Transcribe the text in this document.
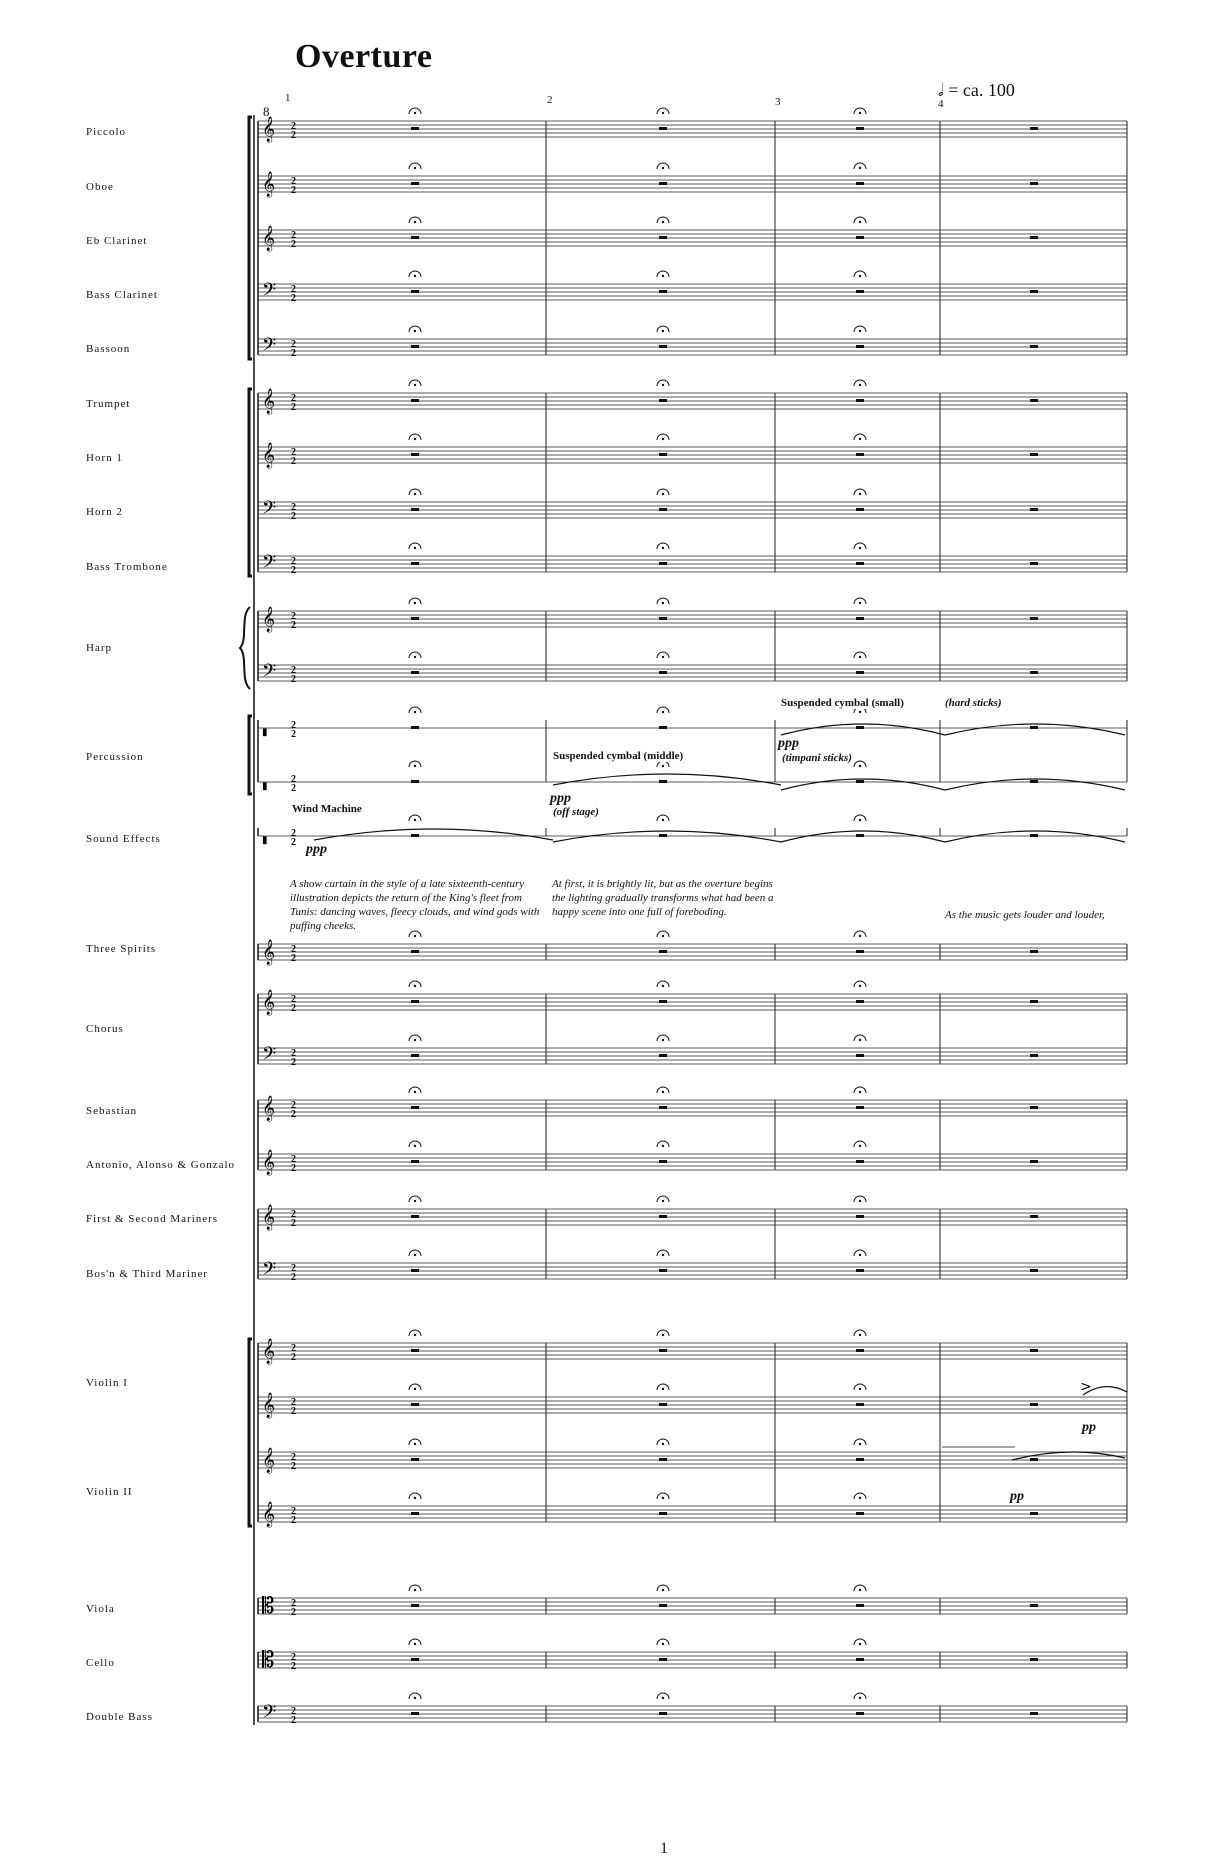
𝄞 2
2
𝄞 2
2
𝄞 2
2
𝄢 2
2
𝄢 2
2
𝄞 2
2
𝄞 2
2
𝄢 2
2
𝄢 2
2
𝄞 2
2
𝄢 2
2
▮
2
2
▮
2
2
▮
2
2
𝄞 2
2
𝄞 2
2
𝄢 2
2
𝄞 2
2
𝄞 2
2
𝄞 2
2
𝄢 2
2
𝄞 2
2
𝄞 2
2
𝄞 2
2
𝄞 2
2
𝄡 2
2
𝄡 2
2
𝄢 2
2
>
Overture
𝅗𝅥 = ca. 100
1	2	3	4
8
Piccolo
Oboe
Eb Clarinet
Bass Clarinet
Bassoon
Trumpet
Horn 1
Horn 2
Bass Trombone
Harp
Percussion
Sound Effects
Three Spirits
Chorus
Sebastian
Antonio, Alonso & Gonzalo
First & Second Mariners
Bos'n & Third Mariner
Violin I
Violin II
Viola
Cello
Double Bass
Suspended cymbal (small)	(hard sticks)
Suspended cymbal (middle)	(timpani sticks)
Wind Machine	(off stage)
ppp
ppp
ppp
pp
pp
A show curtain in the style of a late sixteenth-century illustration depicts the return of the King's fleet from Tunis: dancing waves, fleecy clouds, and wind gods with puffing cheeks.
At first, it is brightly lit, but as the overture begins the lighting gradually transforms what had been a happy scene into one full of foreboding.	As the music gets louder and louder,
1
